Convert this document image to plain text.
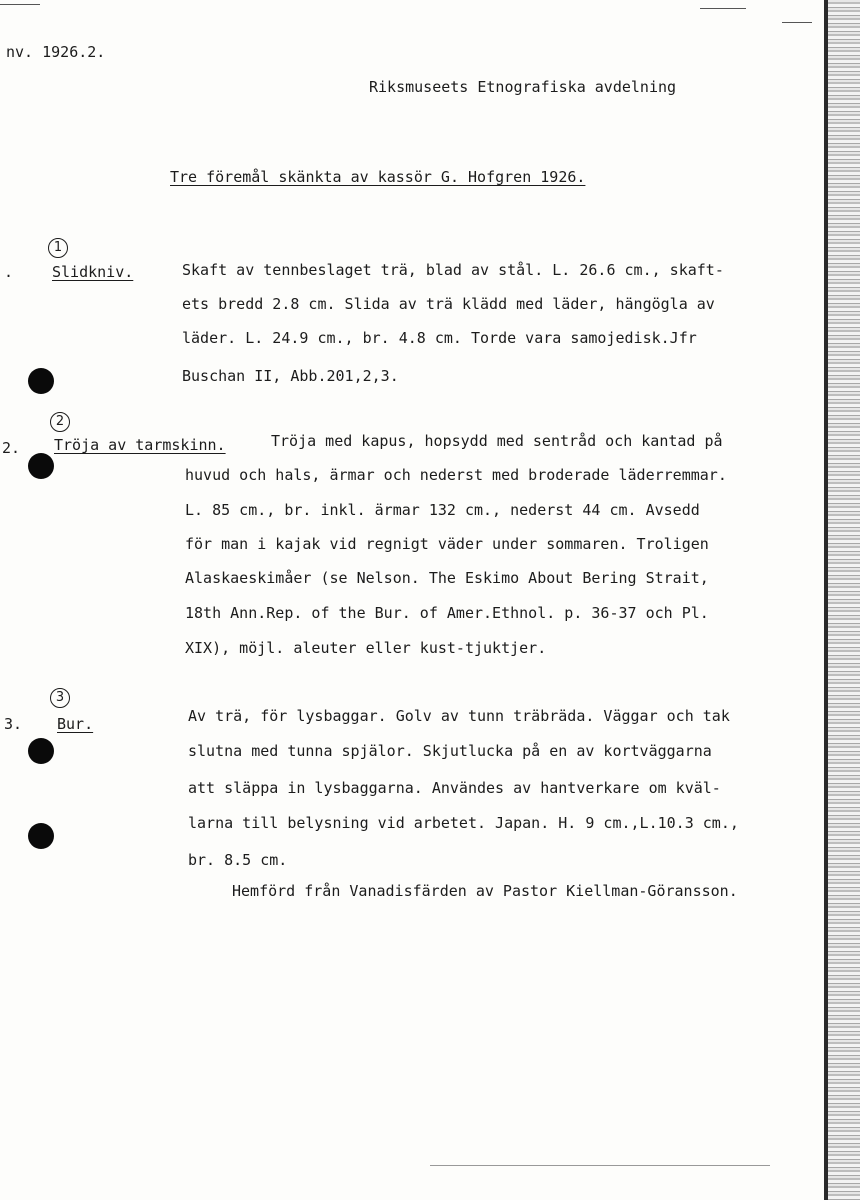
nv. 1926.2.
Riksmuseets Etnografiska avdelning
Tre föremål skänkta av kassör G. Hofgren 1926.
1
.	Slidkniv.	Skaft av tennbeslaget trä, blad av stål. L. 26.6 cm., skaft-
ets bredd 2.8 cm. Slida av trä klädd med läder, hängögla av
läder. L. 24.9 cm., br. 4.8 cm. Torde vara samojedisk.Jfr
Buschan II, Abb.201,2,3.
2
2. Tröja av tarmskinn.	Tröja med kapus, hopsydd med sentråd och kantad på
huvud och hals, ärmar och nederst med broderade läderremmar.
L. 85 cm., br. inkl. ärmar 132 cm., nederst 44 cm. Avsedd
för man i kajak vid regnigt väder under sommaren. Troligen
Alaskaeskimåer (se Nelson. The Eskimo About Bering Strait,
18th Ann.Rep. of the Bur. of Amer.Ethnol. p. 36-37 och Pl.
XIX), möjl. aleuter eller kust-tjuktjer.
3
3. Bur.	Av trä, för lysbaggar. Golv av tunn träbräda. Väggar och tak
slutna med tunna spjälor. Skjutlucka på en av kortväggarna
att släppa in lysbaggarna. Användes av hantverkare om kväl-
larna till belysning vid arbetet. Japan. H. 9 cm.,L.10.3 cm.,
br. 8.5 cm.
Hemförd från Vanadisfärden av Pastor Kiellman-Göransson.
